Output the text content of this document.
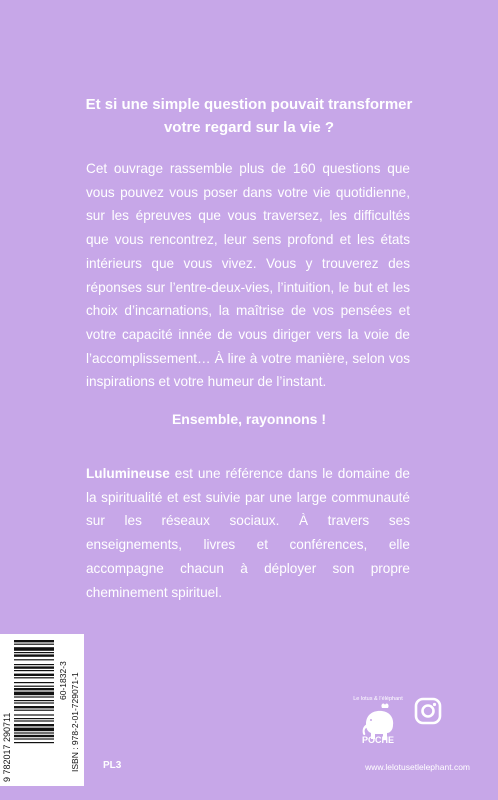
Et si une simple question pouvait transformer
votre regard sur la vie ?

Cet ouvrage rassemble plus de 160 questions que vous pouvez vous poser dans votre vie quotidienne, sur les épreuves que vous traversez, les difficultés que vous rencontrez, leur sens profond et les états intérieurs que vous vivez. Vous y trouverez des réponses sur l’entre-deux-vies, l’intuition, le but et les choix d’incarnations, la maîtrise de vos pensées et votre capacité innée de vous diriger vers la voie de l’accomplissement… À lire à votre manière, selon vos inspirations et votre humeur de l’instant.

Ensemble, rayonnons !
Lulumineuse est une référence dans le domaine de la spiritualité et est suivie par une large communauté sur les réseaux sociaux. À travers ses enseignements, livres et conférences, elle accompagne chacun à déployer son propre cheminement spirituel.
9 782017 290711
60-1832-3 ISBN : 978-2-01-729071-1 PL3
Le lotus & l’éléphant
POCHE
www.lelotusetlelephant.com
